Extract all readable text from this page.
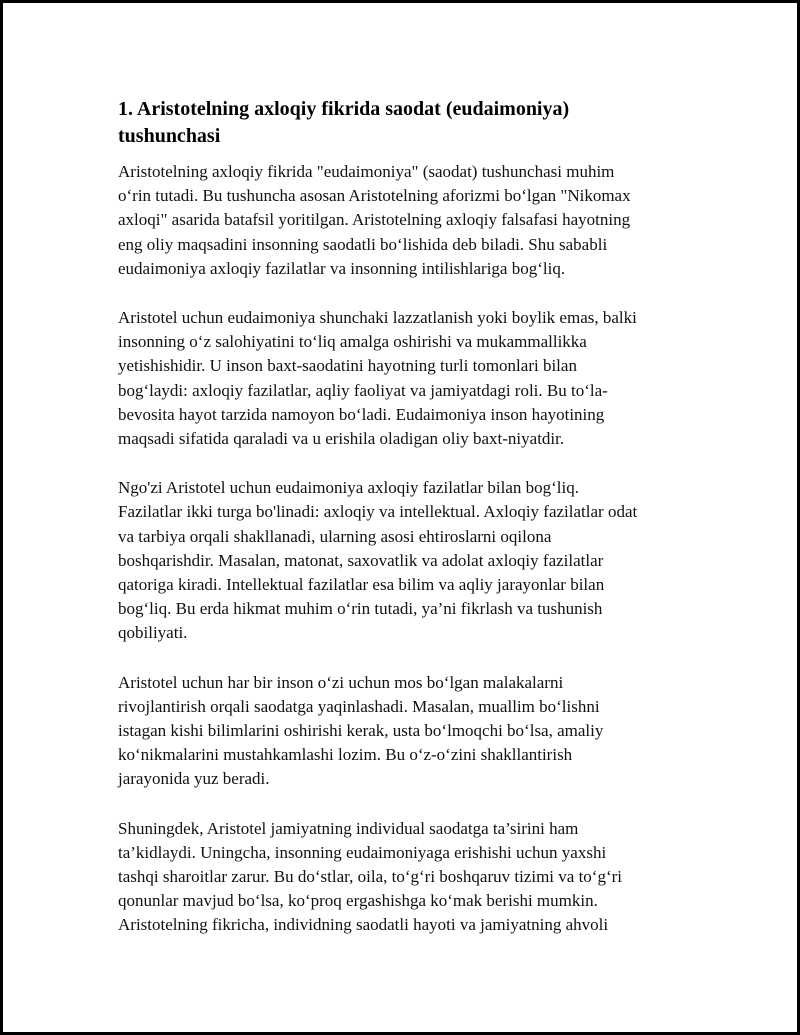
1. Aristotelning axloqiy fikrida saodat (eudaimoniya)
tushunchasi

Aristotelning axloqiy fikrida "eudaimoniya" (saodat) tushunchasi muhim
o‘rin tutadi. Bu tushuncha asosan Aristotelning aforizmi bo‘lgan "Nikomax
axloqi" asarida batafsil yoritilgan. Aristotelning axloqiy falsafasi hayotning
eng oliy maqsadini insonning saodatli bo‘lishida deb biladi. Shu sababli
eudaimoniya axloqiy fazilatlar va insonning intilishlariga bog‘liq.

Aristotel uchun eudaimoniya shunchaki lazzatlanish yoki boylik emas, balki
insonning o‘z salohiyatini to‘liq amalga oshirishi va mukammallikka
yetishishidir. U inson baxt-saodatini hayotning turli tomonlari bilan
bog‘laydi: axloqiy fazilatlar, aqliy faoliyat va jamiyatdagi roli. Bu to‘la-
bevosita hayot tarzida namoyon bo‘ladi. Eudaimoniya inson hayotining
maqsadi sifatida qaraladi va u erishila oladigan oliy baxt-niyatdir.

Ngo'zi Aristotel uchun eudaimoniya axloqiy fazilatlar bilan bog‘liq.
Fazilatlar ikki turga bo'linadi: axloqiy va intellektual. Axloqiy fazilatlar odat
va tarbiya orqali shakllanadi, ularning asosi ehtiroslarni oqilona
boshqarishdir. Masalan, matonat, saxovatlik va adolat axloqiy fazilatlar
qatoriga kiradi. Intellektual fazilatlar esa bilim va aqliy jarayonlar bilan
bog‘liq. Bu erda hikmat muhim o‘rin tutadi, ya’ni fikrlash va tushunish
qobiliyati.

Aristotel uchun har bir inson o‘zi uchun mos bo‘lgan malakalarni
rivojlantirish orqali saodatga yaqinlashadi. Masalan, muallim bo‘lishni
istagan kishi bilimlarini oshirishi kerak, usta bo‘lmoqchi bo‘lsa, amaliy
ko‘nikmalarini mustahkamlashi lozim. Bu o‘z-o‘zini shakllantirish
jarayonida yuz beradi.

Shuningdek, Aristotel jamiyatning individual saodatga ta’sirini ham
ta’kidlaydi. Uningcha, insonning eudaimoniyaga erishishi uchun yaxshi
tashqi sharoitlar zarur. Bu do‘stlar, oila, to‘g‘ri boshqaruv tizimi va to‘g‘ri
qonunlar mavjud bo‘lsa, ko‘proq ergashishga ko‘mak berishi mumkin.
Aristotelning fikricha, individning saodatli hayoti va jamiyatning ahvoli
